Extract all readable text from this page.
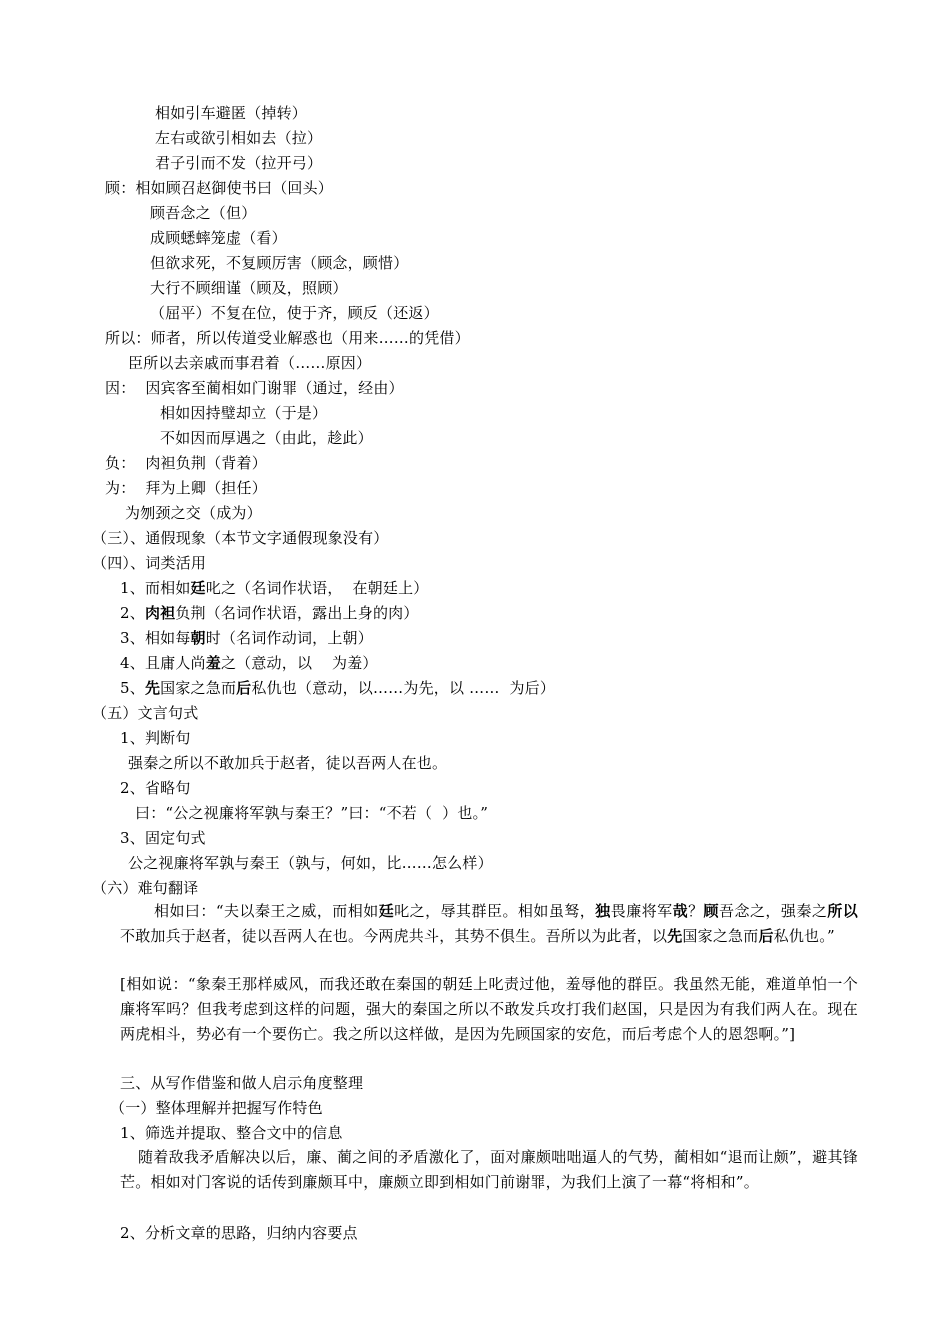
相如引车避匿（掉转）
左右或欲引相如去（拉）
君子引而不发（拉开弓）
顾：相如顾召赵御使书曰（回头）
顾吾念之（但）
成顾蟋蟀笼虚（看）
但欲求死，不复顾厉害（顾念，顾惜）
大行不顾细谨（顾及，照顾）
（屈平）不复在位，使于齐，顾反（还返）
所以：师者，所以传道受业解惑也（用来……的凭借）
臣所以去亲戚而事君着（……原因）
因：  因宾客至蔺相如门谢罪（通过，经由）
相如因持璧却立（于是）
不如因而厚遇之（由此，趁此）
负：  肉袒负荆（背着）
为：  拜为上卿（担任）
为刎颈之交（成为）
（三）、通假现象（本节文字通假现象没有）
（四）、词类活用
1、而相如廷叱之（名词作状语，  在朝廷上）
2、肉袒负荆（名词作状语，露出上身的肉）
3、相如每朝时（名词作动词，上朝）
4、且庸人尚羞之（意动，以    为羞）
5、先国家之急而后私仇也（意动，以……为先，以 ……  为后）
（五）文言句式
1、判断句
强秦之所以不敢加兵于赵者，徒以吾两人在也。
2、省略句
曰：“公之视廉将军孰与秦王？”曰：“不若（  ）也。”
3、固定句式
公之视廉将军孰与秦王（孰与，何如，比……怎么样）
（六）难句翻译
相如曰：“夫以秦王之威，而相如廷叱之，辱其群臣。相如虽驽，独畏廉将军哉？顾吾念之，强秦之所以不敢加兵于赵者，徒以吾两人在也。今两虎共斗，其势不俱生。吾所以为此者，以先国家之急而后私仇也。”
[相如说：“象秦王那样威风，而我还敢在秦国的朝廷上叱责过他，羞辱他的群臣。我虽然无能，难道单怕一个廉将军吗？但我考虑到这样的问题，强大的秦国之所以不敢发兵攻打我们赵国，只是因为有我们两人在。现在两虎相斗，势必有一个要伤亡。我之所以这样做，是因为先顾国家的安危，而后考虑个人的恩怨啊。”]
三、从写作借鉴和做人启示角度整理
（一）整体理解并把握写作特色
1、筛选并提取、整合文中的信息
随着敌我矛盾解决以后，廉、蔺之间的矛盾激化了，面对廉颇咄咄逼人的气势，蔺相如“退而让颇”，避其锋芒。相如对门客说的话传到廉颇耳中，廉颇立即到相如门前谢罪，为我们上演了一幕“将相和”。
2、分析文章的思路，归纳内容要点
